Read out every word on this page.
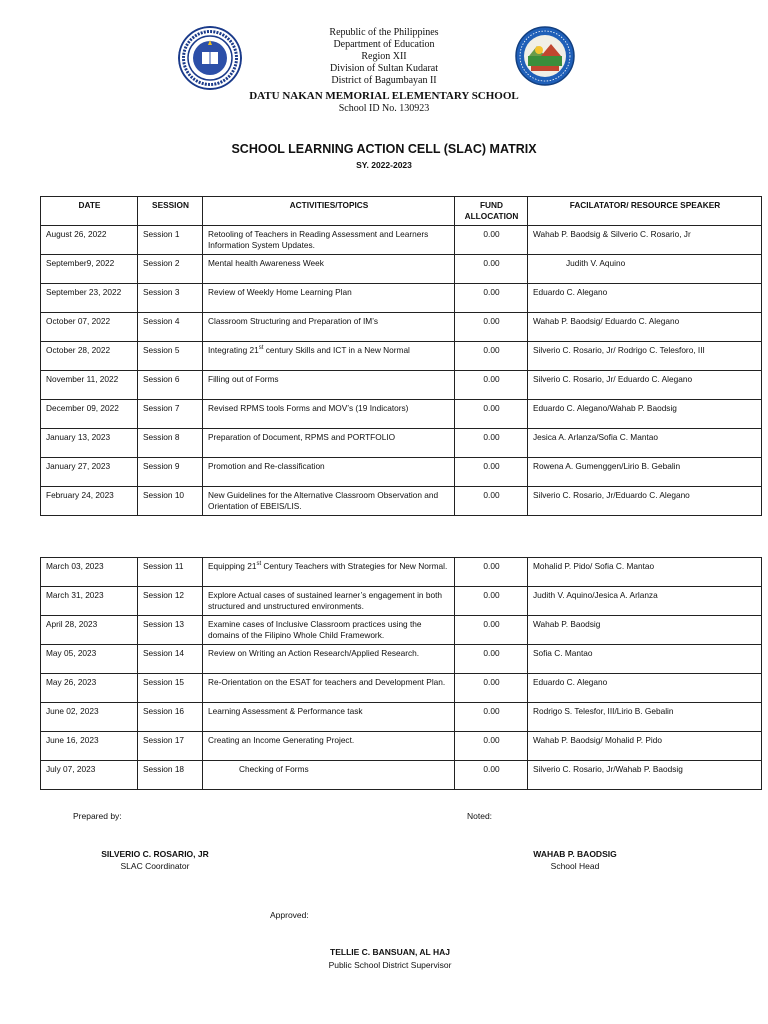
Republic of the Philippines
Department of Education
Region XII
Division of Sultan Kudarat
District of Bagumbayan II
DATU NAKAN MEMORIAL ELEMENTARY SCHOOL
School ID No. 130923
SCHOOL LEARNING ACTION CELL (SLAC) MATRIX
SY. 2022-2023
DATE	SESSION	ACTIVITIES/TOPICS	FUND ALLOCATION	FACILATATOR/ RESOURCE SPEAKER
August 26, 2022	Session 1	Retooling of Teachers in Reading Assessment and Learners Information System Updates.	0.00	Wahab P. Baodsig & Silverio C. Rosario, Jr
September9, 2022	Session 2	Mental health Awareness Week	0.00	Judith V. Aquino
September 23, 2022	Session 3	Review of Weekly Home Learning Plan	0.00	Eduardo C. Alegano
October 07, 2022	Session 4	Classroom Structuring and Preparation of IM’s	0.00	Wahab P. Baodsig/ Eduardo C. Alegano
October 28, 2022	Session 5	Integrating 21st century Skills and ICT in a New Normal	0.00	Silverio C. Rosario, Jr/ Rodrigo C. Telesforo, III
November 11, 2022	Session 6	Filling out of Forms	0.00	Silverio C. Rosario, Jr/ Eduardo C. Alegano
December 09, 2022	Session 7	Revised RPMS tools Forms and MOV’s (19 Indicators)	0.00	Eduardo C. Alegano/Wahab P. Baodsig
January 13, 2023	Session 8	Preparation of Document, RPMS and PORTFOLIO	0.00	Jesica A. Arlanza/Sofia C. Mantao
January 27, 2023	Session 9	Promotion and Re-classification	0.00	Rowena A. Gumenggen/Lirio B. Gebalin
February 24, 2023	Session 10	New Guidelines for the Alternative Classroom Observation and Orientation of EBEIS/LIS.	0.00	Silverio C. Rosario, Jr/Eduardo C. Alegano
March 03, 2023	Session 11	Equipping 21st Century Teachers with Strategies for New Normal.	0.00	Mohalid P. Pido/ Sofia C. Mantao
March 31, 2023	Session 12	Explore Actual cases of sustained learner’s engagement in both structured and unstructured environments.	0.00	Judith V. Aquino/Jesica A. Arlanza
April 28, 2023	Session 13	Examine cases of Inclusive Classroom practices using the domains of the Filipino Whole Child Framework.	0.00	Wahab P. Baodsig
May 05, 2023	Session 14	Review on Writing an Action Research/Applied Research.	0.00	Sofia C. Mantao
May 26, 2023	Session 15	Re-Orientation on the ESAT for teachers and Development Plan.	0.00	Eduardo C. Alegano
June 02, 2023	Session 16	Learning Assessment & Performance task	0.00	Rodrigo S. Telesfor, III/Lirio B. Gebalin
June 16, 2023	Session 17	Creating an Income Generating Project.	0.00	Wahab P. Baodsig/ Mohalid P. Pido
July 07, 2023	Session 18	Checking of Forms	0.00	Silverio C. Rosario, Jr/Wahab P. Baodsig
Prepared by:	Noted:
SILVERIO C. ROSARIO, JR
SLAC Coordinator
WAHAB P. BAODSIG
School Head
Approved:
TELLIE C. BANSUAN, AL HAJ
Public School District Supervisor
